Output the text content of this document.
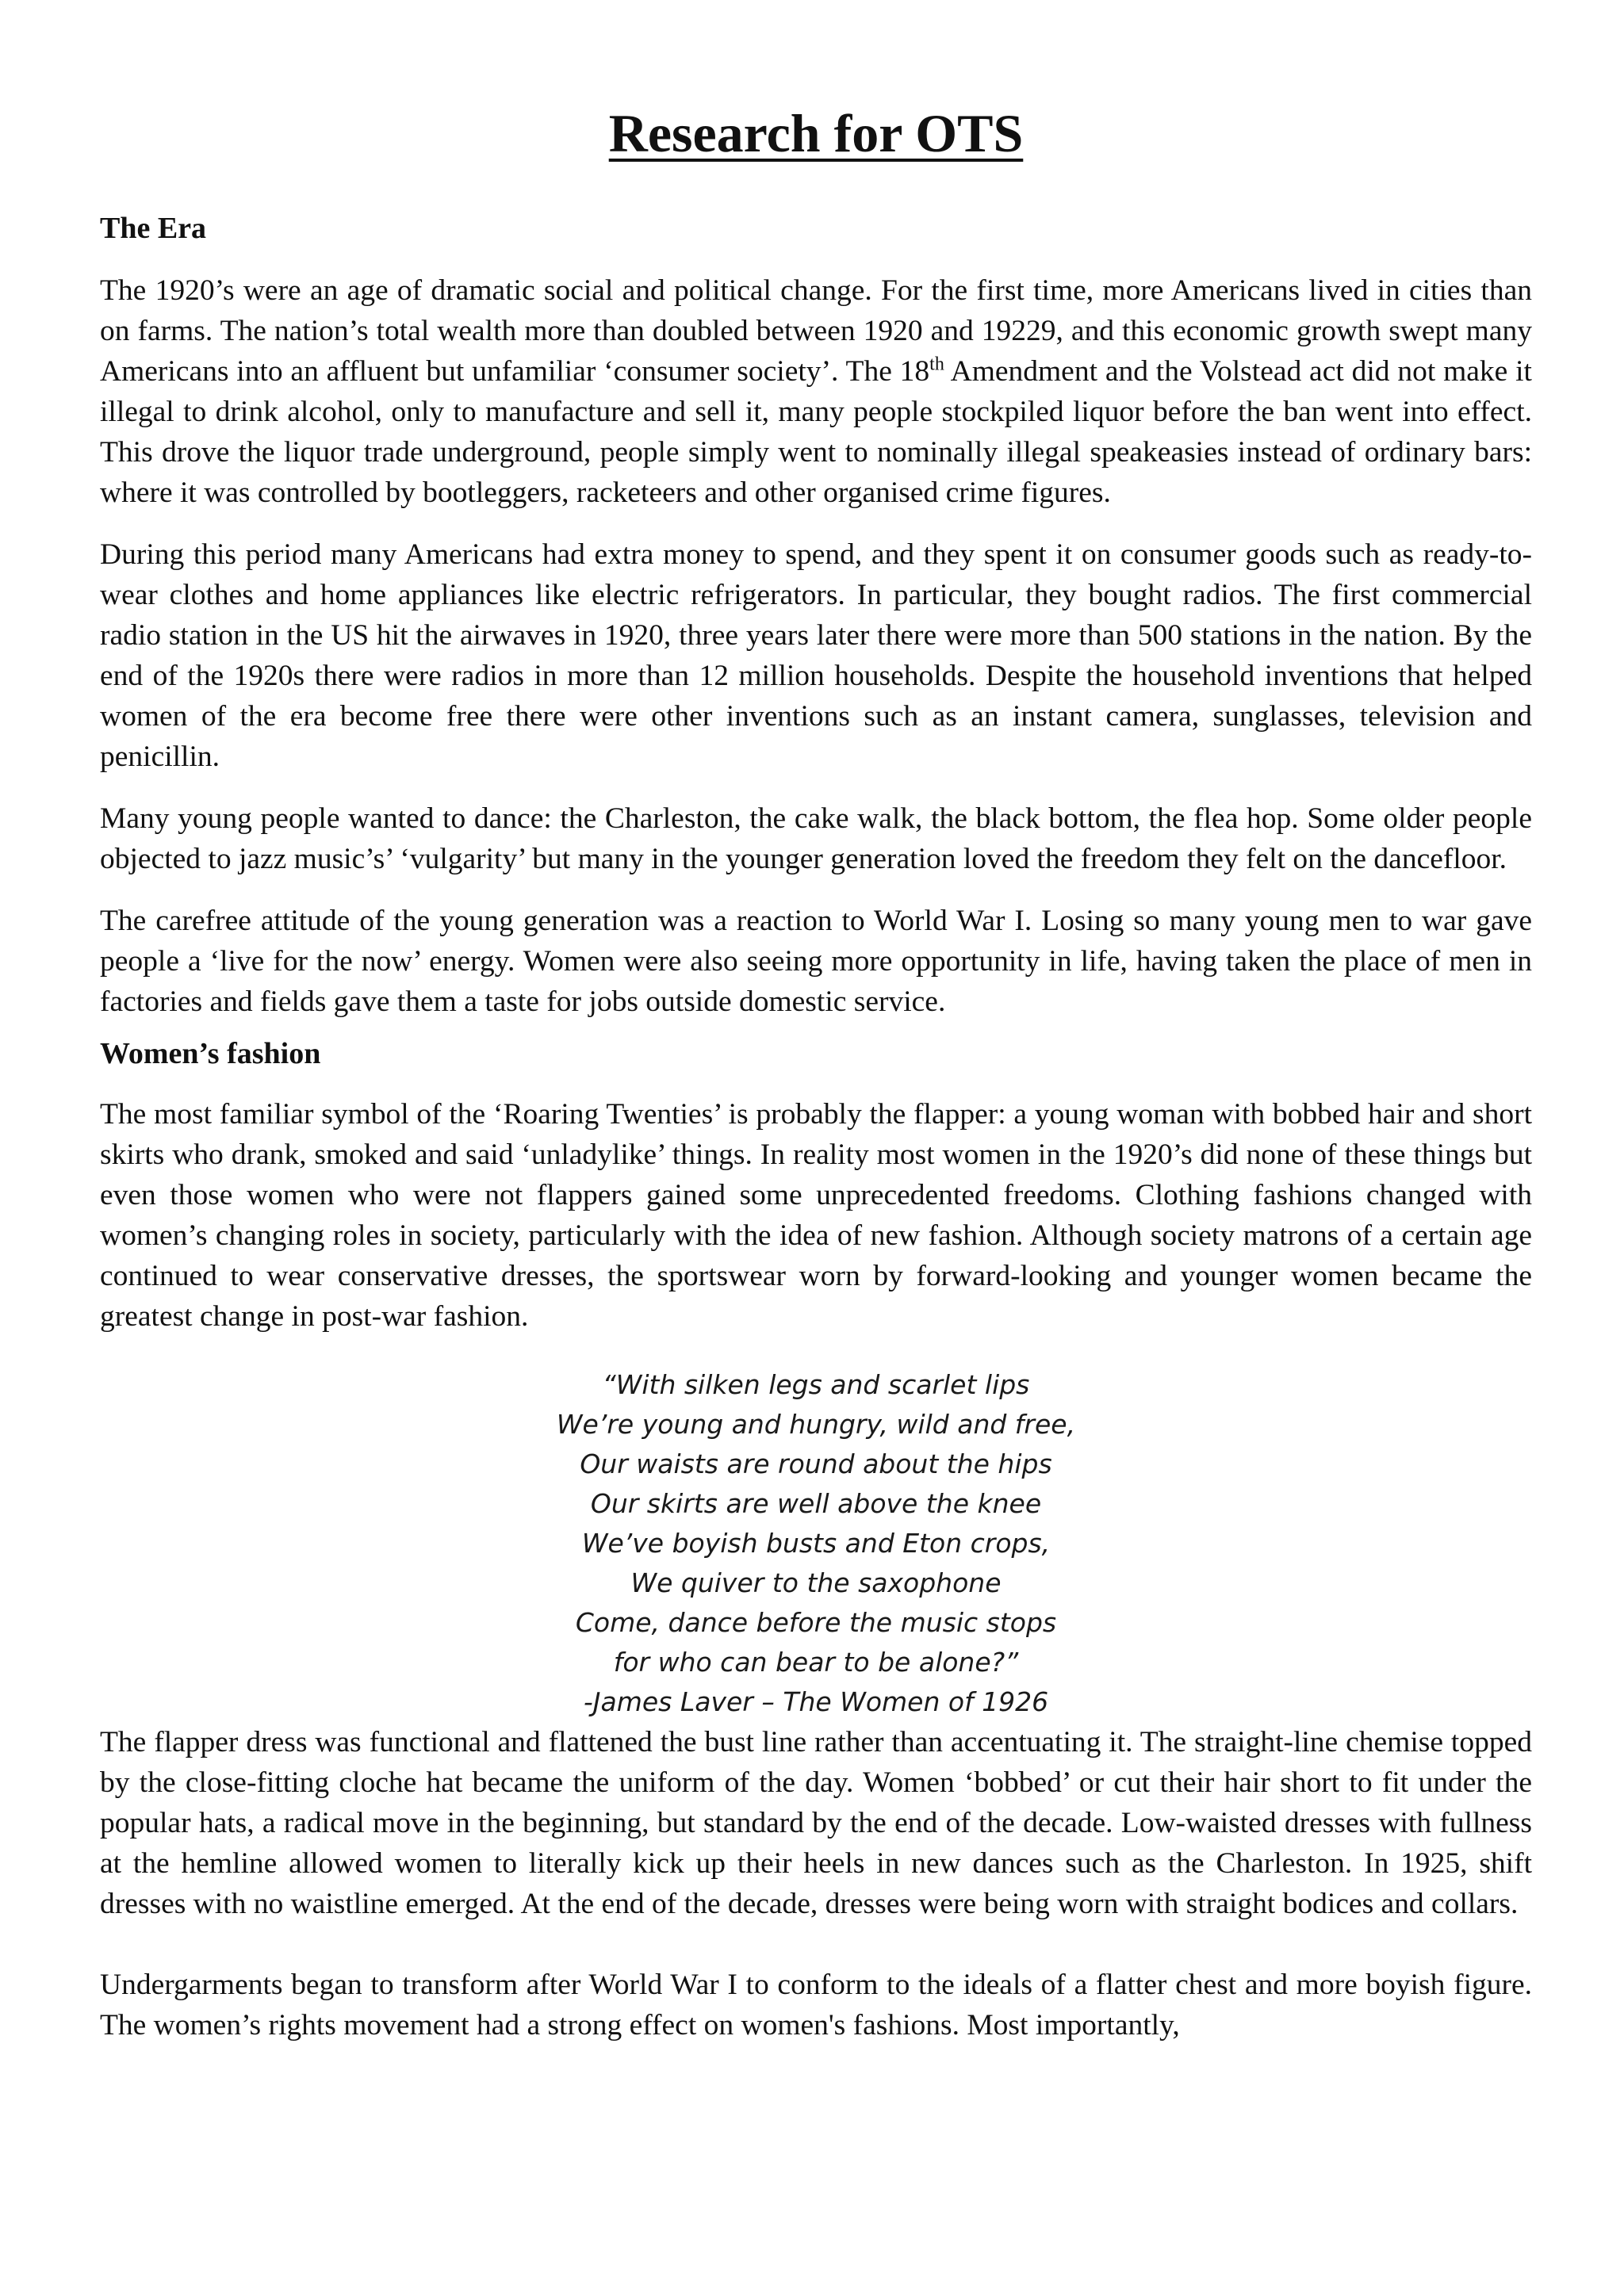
Research for OTS
The Era

The 1920’s were an age of dramatic social and political change. For the first time, more Americans lived in cities than on farms. The nation’s total wealth more than doubled between 1920 and 19229, and this economic growth swept many Americans into an affluent but unfamiliar ‘consumer society’. The 18th Amendment and the Volstead act did not make it illegal to drink alcohol, only to manufacture and sell it, many people stockpiled liquor before the ban went into effect. This drove the liquor trade underground, people simply went to nominally illegal speakeasies instead of ordinary bars: where it was controlled by bootleggers, racketeers and other organised crime figures.

During this period many Americans had extra money to spend, and they spent it on consumer goods such as ready-to-wear clothes and home appliances like electric refrigerators. In particular, they bought radios. The first commercial radio station in the US hit the airwaves in 1920, three years later there were more than 500 stations in the nation. By the end of the 1920s there were radios in more than 12 million households. Despite the household inventions that helped women of the era become free there were other inventions such as an instant camera, sunglasses, television and penicillin.

Many young people wanted to dance: the Charleston, the cake walk, the black bottom, the flea hop. Some older people objected to jazz music’s’ ‘vulgarity’ but many in the younger generation loved the freedom they felt on the dancefloor.

The carefree attitude of the young generation was a reaction to World War I. Losing so many young men to war gave people a ‘live for the now’ energy. Women were also seeing more opportunity in life, having taken the place of men in factories and fields gave them a taste for jobs outside domestic service.

Women’s fashion

The most familiar symbol of the ‘Roaring Twenties’ is probably the flapper: a young woman with bobbed hair and short skirts who drank, smoked and said ‘unladylike’ things. In reality most women in the 1920’s did none of these things but even those women who were not flappers gained some unprecedented freedoms. Clothing fashions changed with women’s changing roles in society, particularly with the idea of new fashion. Although society matrons of a certain age continued to wear conservative dresses, the sportswear worn by forward-looking and younger women became the greatest change in post-war fashion.

“With silken legs and scarlet lips
We’re young and hungry, wild and free,
Our waists are round about the hips
Our skirts are well above the knee
We’ve boyish busts and Eton crops,
We quiver to the saxophone
Come, dance before the music stops
for who can bear to be alone?”
-James Laver – The Women of 1926

The flapper dress was functional and flattened the bust line rather than accentuating it. The straight-line chemise topped by the close-fitting cloche hat became the uniform of the day. Women ‘bobbed’ or cut their hair short to fit under the popular hats, a radical move in the beginning, but standard by the end of the decade. Low-waisted dresses with fullness at the hemline allowed women to literally kick up their heels in new dances such as the Charleston. In 1925, shift dresses with no waistline emerged. At the end of the decade, dresses were being worn with straight bodices and collars.

Undergarments began to transform after World War I to conform to the ideals of a flatter chest and more boyish figure. The women’s rights movement had a strong effect on women's fashions. Most importantly,
